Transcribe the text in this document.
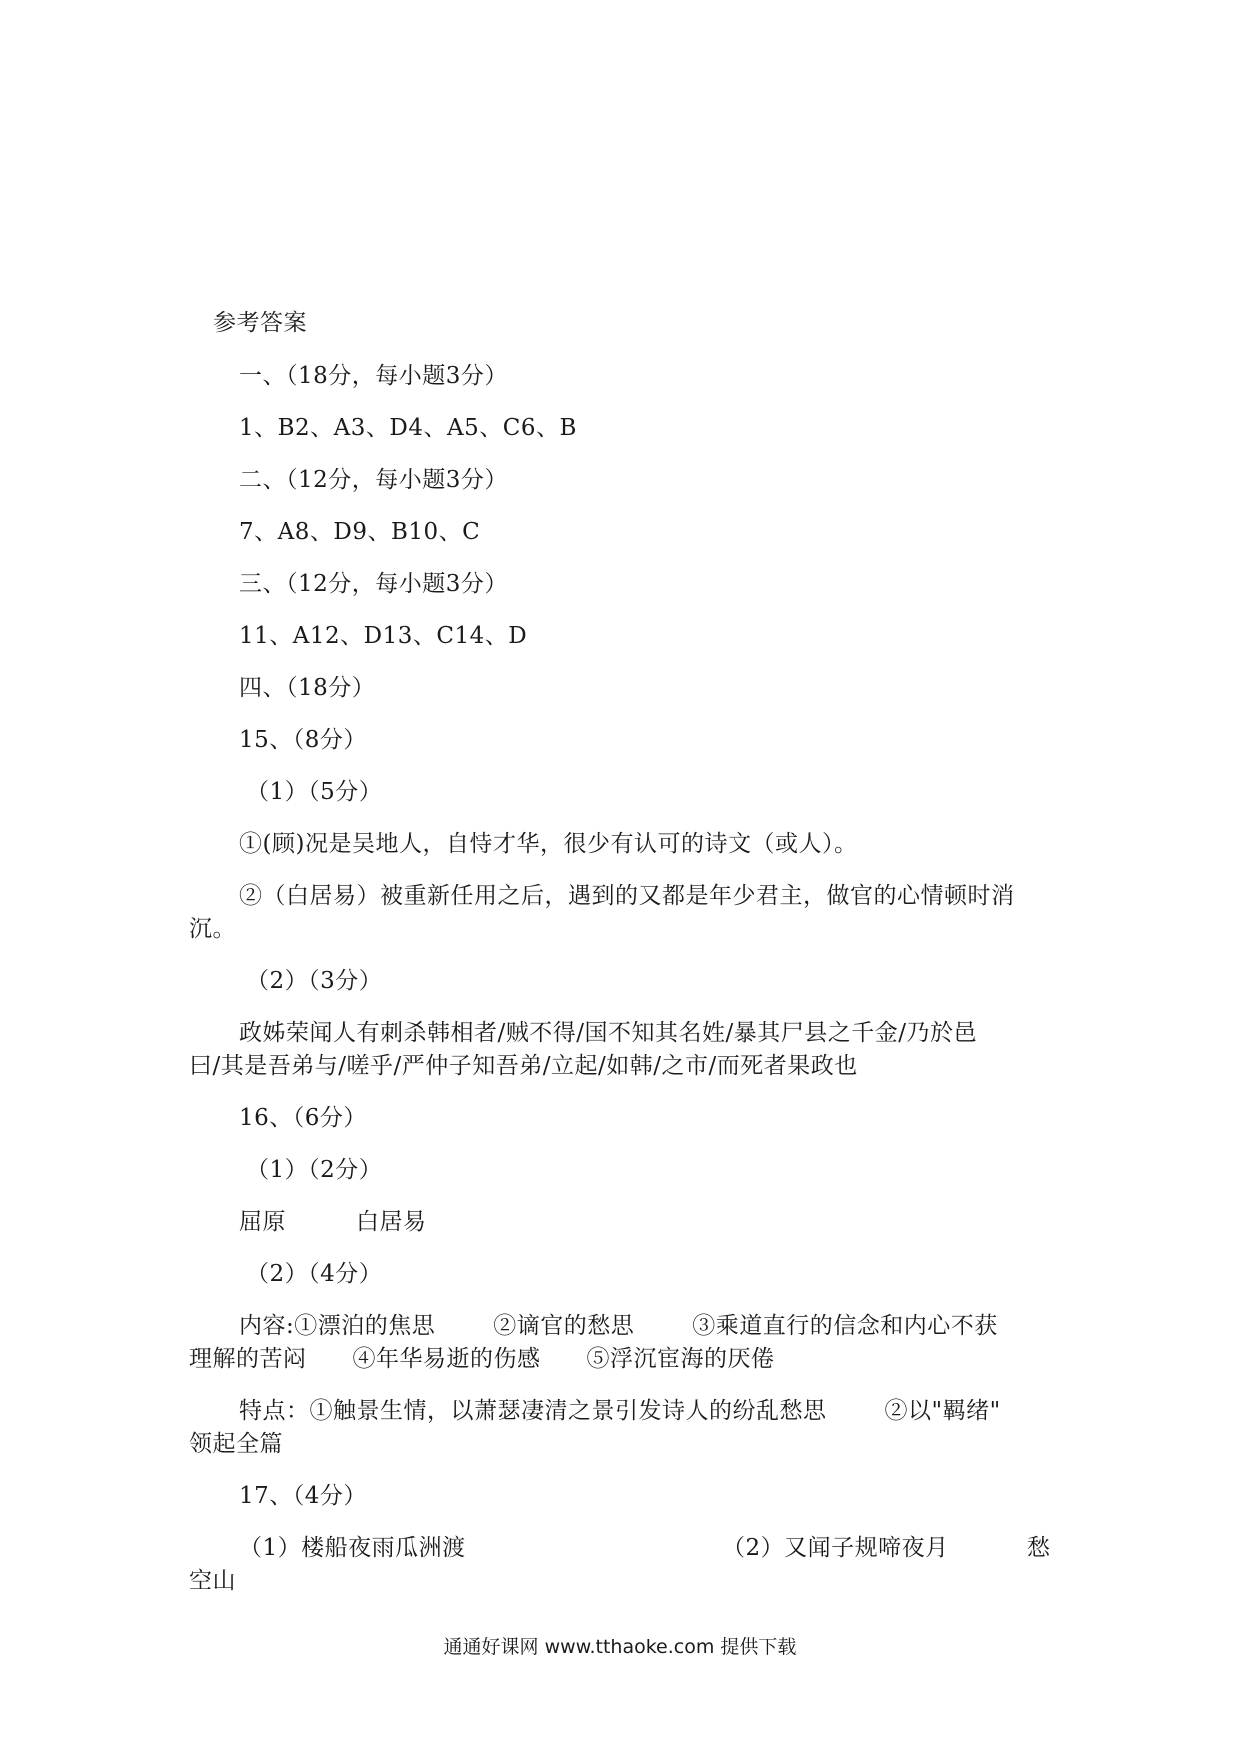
参考答案
一、（18分，每小题3分）
1、B2、A3、D4、A5、C6、B
二、（12分，每小题3分）
7、A8、D9、B10、C
三、（12分，每小题3分）
11、A12、D13、C14、D
四、（18分）
15、（8分）
（1）（5分）
①(顾)况是吴地人，自恃才华，很少有认可的诗文（或人）。
②（白居易）被重新任用之后，遇到的又都是年少君主，做官的心情顿时消
沉。
（2）（3分）
政姊荣闻人有刺杀韩相者/贼不得/国不知其名姓/暴其尸县之千金/乃於邑
曰/其是吾弟与/嗟乎/严仲子知吾弟/立起/如韩/之市/而死者果政也
16、（6分）
（1）（2分）
屈原	白居易
（2）（4分）
内容:①漂泊的焦思	②谪官的愁思	③乘道直行的信念和内心不获
理解的苦闷 ④年华易逝的伤感 ⑤浮沉宦海的厌倦
特点：①触景生情，以萧瑟凄清之景引发诗人的纷乱愁思	②以"羁绪"
领起全篇
17、（4分）
（1）楼船夜雨瓜洲渡	（2）又闻子规啼夜月	愁
空山
通通好课网 www.tthaoke.com 提供下载
